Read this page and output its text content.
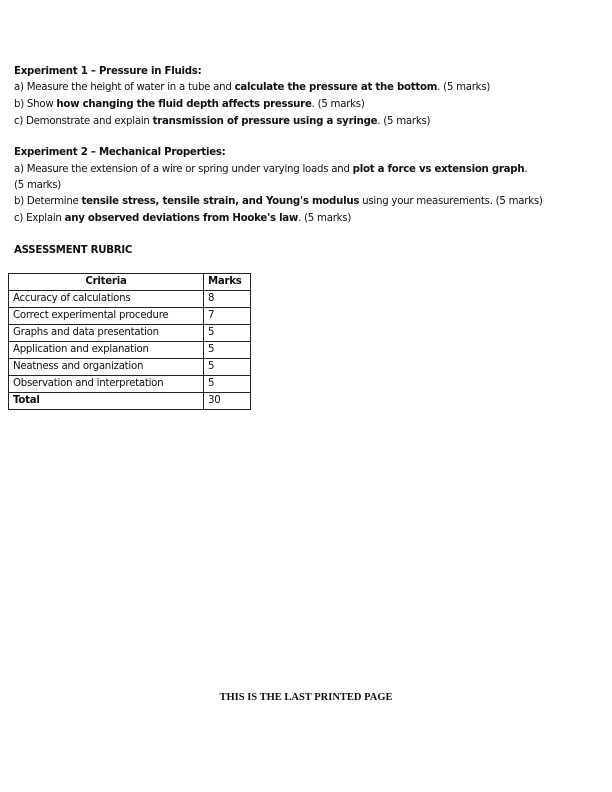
Experiment 1 – Pressure in Fluids:
a) Measure the height of water in a tube and calculate the pressure at the bottom. (5 marks)
b) Show how changing the fluid depth affects pressure. (5 marks)
c) Demonstrate and explain transmission of pressure using a syringe. (5 marks)
Experiment 2 – Mechanical Properties:
a) Measure the extension of a wire or spring under varying loads and plot a force vs extension graph.
(5 marks)
b) Determine tensile stress, tensile strain, and Young's modulus using your measurements. (5 marks)
c) Explain any observed deviations from Hooke's law. (5 marks)
ASSESSMENT RUBRIC
Criteria	Marks
Accuracy of calculations	8
Correct experimental procedure	7
Graphs and data presentation	5
Application and explanation	5
Neatness and organization	5
Observation and interpretation	5
Total	30
THIS IS THE LAST PRINTED PAGE
